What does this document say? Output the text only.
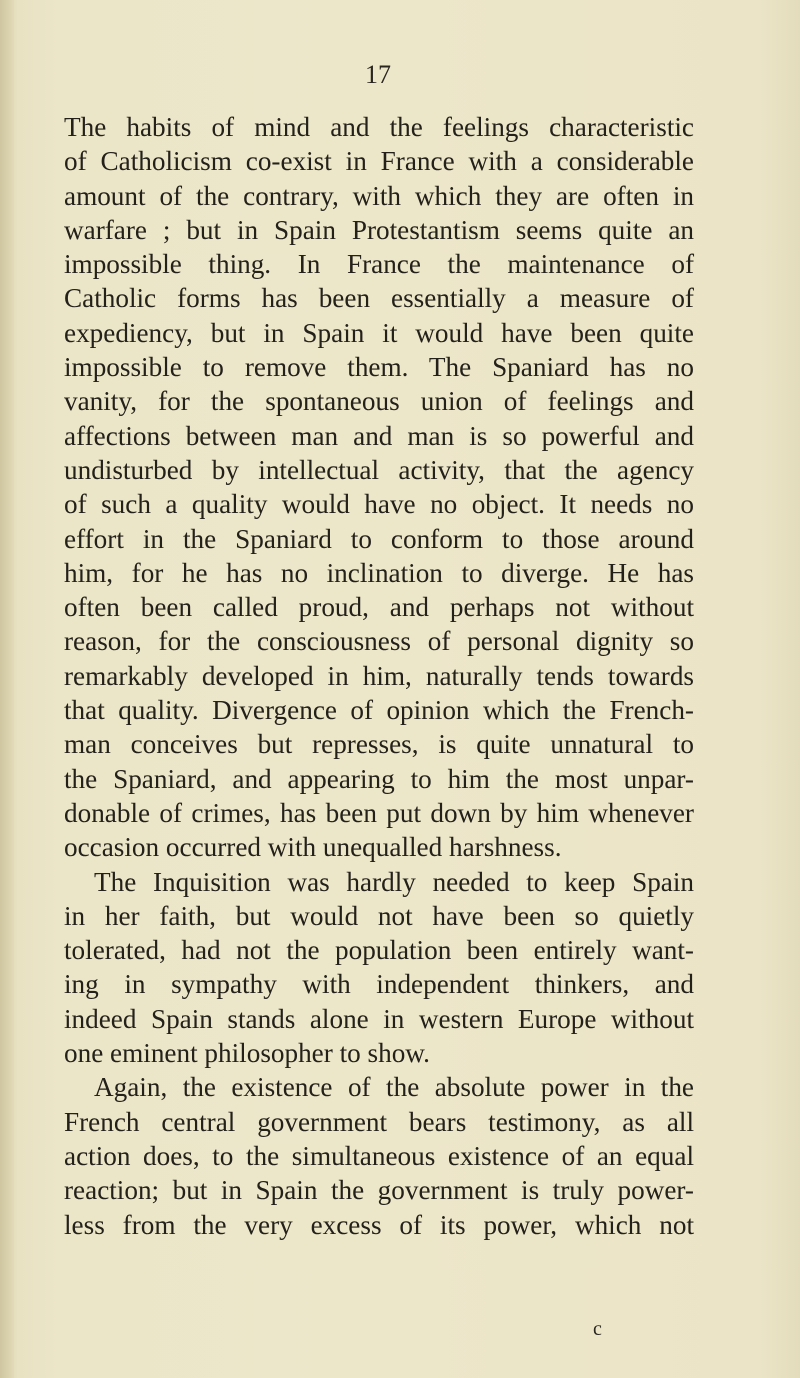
17
The habits of mind and the feelings characteristic
of Catholicism co-exist in France with a considerable
amount of the contrary, with which they are often in
warfare ; but in Spain Protestantism seems quite an
impossible thing. In France the maintenance of
Catholic forms has been essentially a measure of
expediency, but in Spain it would have been quite
impossible to remove them. The Spaniard has no
vanity, for the spontaneous union of feelings and
affections between man and man is so powerful and
undisturbed by intellectual activity, that the agency
of such a quality would have no object. It needs no
effort in the Spaniard to conform to those around
him, for he has no inclination to diverge. He has
often been called proud, and perhaps not without
reason, for the consciousness of personal dignity so
remarkably developed in him, naturally tends towards
that quality. Divergence of opinion which the French-
man conceives but represses, is quite unnatural to
the Spaniard, and appearing to him the most unpar-
donable of crimes, has been put down by him whenever
occasion occurred with unequalled harshness.
The Inquisition was hardly needed to keep Spain
in her faith, but would not have been so quietly
tolerated, had not the population been entirely want-
ing in sympathy with independent thinkers, and
indeed Spain stands alone in western Europe without
one eminent philosopher to show.
Again, the existence of the absolute power in the
French central government bears testimony, as all
action does, to the simultaneous existence of an equal
reaction; but in Spain the government is truly power-
less from the very excess of its power, which not
c
